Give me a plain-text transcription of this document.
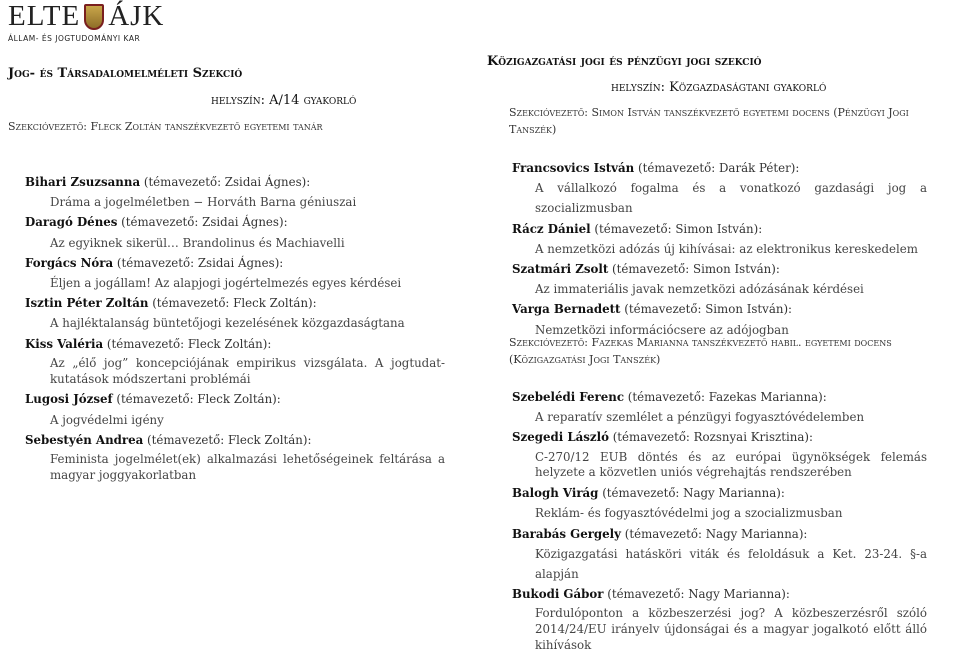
ELTE ÁJK
ÁLLAM- ÉS JOGTUDOMÁNYI KAR
Jog- és Társadalomelméleti Szekció
helyszín: A/14 gyakorló
Szekcióvezető: Fleck Zoltán tanszékvezető egyetemi tanár
Bihari Zsuzsanna (témavezető: Zsidai Ágnes):
Dráma a jogelméletben − Horváth Barna géniuszai
Daragó Dénes (témavezető: Zsidai Ágnes):
Az egyiknek sikerül… Brandolinus és Machiavelli
Forgács Nóra (témavezető: Zsidai Ágnes):
Éljen a jogállam! Az alapjogi jogértelmezés egyes kérdései
Isztin Péter Zoltán (témavezető: Fleck Zoltán):
A hajléktalanság büntetőjogi kezelésének közgazdaságtana
Kiss Valéria (témavezető: Fleck Zoltán):
Az „élő jog” koncepciójának empirikus vizsgálata. A jogtudat-kutatások módszertani problémái
Lugosi József (témavezető: Fleck Zoltán):
A jogvédelmi igény
Sebestyén Andrea (témavezető: Fleck Zoltán):
Feminista jogelmélet(ek) alkalmazási lehetőségeinek feltárása a magyar joggyakorlatban
Közigazgatási jogi és pénzügyi jogi szekció
helyszín: Közgazdaságtani gyakorló
Szekcióvezető: Simon István tanszékvezető egyetemi docens (Pénzügyi Jogi Tanszék)
Francsovics István (témavezető: Darák Péter):
A vállalkozó fogalma és a vonatkozó gazdasági jog a szocializmusban
Rácz Dániel (témavezető: Simon István):
A nemzetközi adózás új kihívásai: az elektronikus kereskedelem
Szatmári Zsolt (témavezető: Simon István):
Az immateriális javak nemzetközi adózásának kérdései
Varga Bernadett (témavezető: Simon István):
Nemzetközi információcsere az adójogban
Szekcióvezető: Fazekas Marianna tanszékvezető habil. egyetemi docens (Közigazgatási Jogi Tanszék)
Szebelédi Ferenc (témavezető: Fazekas Marianna):
A reparatív szemlélet a pénzügyi fogyasztóvédelemben
Szegedi László (témavezető: Rozsnyai Krisztina):
C-270/12 EUB döntés és az európai ügynökségek felemás helyzete a közvetlen uniós végrehajtás rendszerében
Balogh Virág (témavezető: Nagy Marianna):
Reklám- és fogyasztóvédelmi jog a szocializmusban
Barabás Gergely (témavezető: Nagy Marianna):
Közigazgatási hatásköri viták és feloldásuk a Ket. 23-24. §-a alapján
Bukodi Gábor (témavezető: Nagy Marianna):
Fordulóponton a közbeszerzési jog? A közbeszerzésről szóló 2014/24/EU irányelv újdonságai és a magyar jogalkotó előtt álló kihívások
